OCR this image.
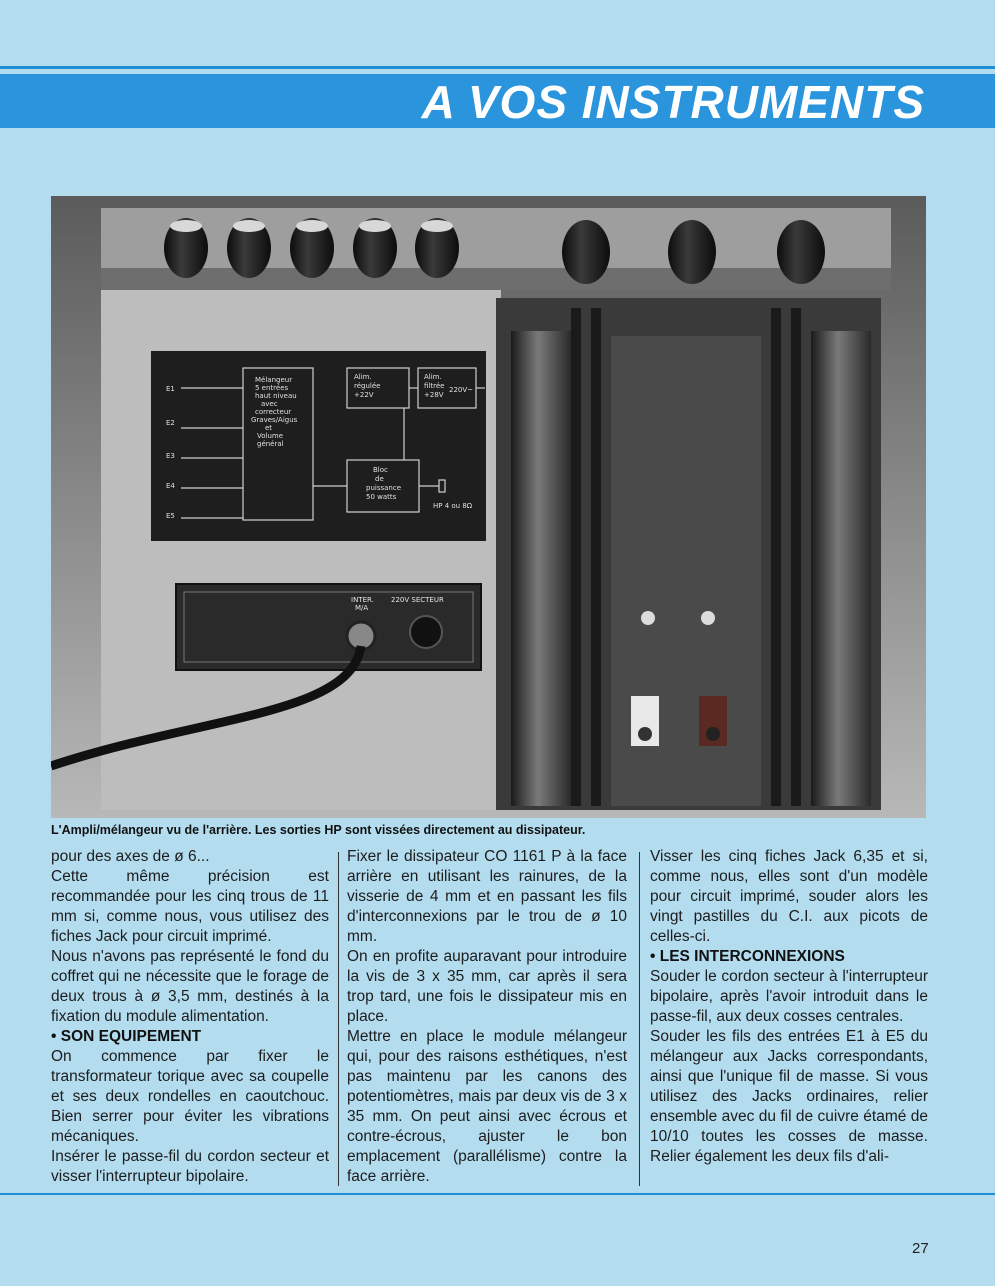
A VOS INSTRUMENTS
E1
E2
E3
E4
E5
Mélangeur
5 entrées
haut niveau
avec
correcteur
Graves/Aigus
et
Volume
général
Alim.
régulée
+22V
Alim.
filtrée
+28V
220V~
Bloc
de
puissance
50 watts
HP 4 ou 8Ω
INTER.
M/A
220V SECTEUR
L'Ampli/mélangeur vu de l'arrière. Les sorties HP sont vissées directement au dissipateur.

pour des axes de ø 6...

Cette même précision est recommandée pour les cinq trous de 11 mm si, comme nous, vous utilisez des fiches Jack pour circuit imprimé.

Nous n'avons pas représenté le fond du coffret qui ne nécessite que le forage de deux trous à ø 3,5 mm, destinés à la fixation du module alimentation.

• SON EQUIPEMENT

On commence par fixer le transformateur torique avec sa coupelle et ses deux rondelles en caoutchouc. Bien serrer pour éviter les vibrations mécaniques.

Insérer le passe-fil du cordon secteur et visser l'interrupteur bipolaire.

Fixer le dissipateur CO 1161 P à la face arrière en utilisant les rainures, de la visserie de 4 mm et en passant les fils d'interconnexions par le trou de ø 10 mm.

On en profite auparavant pour introduire la vis de 3 x 35 mm, car après il sera trop tard, une fois le dissipateur mis en place.

Mettre en place le module mélangeur qui, pour des raisons esthétiques, n'est pas maintenu par les canons des potentiomètres, mais par deux vis de 3 x 35 mm. On peut ainsi avec écrous et contre-écrous, ajuster le bon emplacement (parallélisme) contre la face arrière.

Visser les cinq fiches Jack 6,35 et si, comme nous, elles sont d'un modèle pour circuit imprimé, souder alors les vingt pastilles du C.I. aux picots de celles-ci.

• LES INTERCONNEXIONS

Souder le cordon secteur à l'interrupteur bipolaire, après l'avoir introduit dans le passe-fil, aux deux cosses centrales.

Souder les fils des entrées E1 à E5 du mélangeur aux Jacks correspondants, ainsi que l'unique fil de masse. Si vous utilisez des Jacks ordinaires, relier ensemble avec du fil de cuivre étamé de 10/10 toutes les cosses de masse. Relier également les deux fils d'ali-

27
